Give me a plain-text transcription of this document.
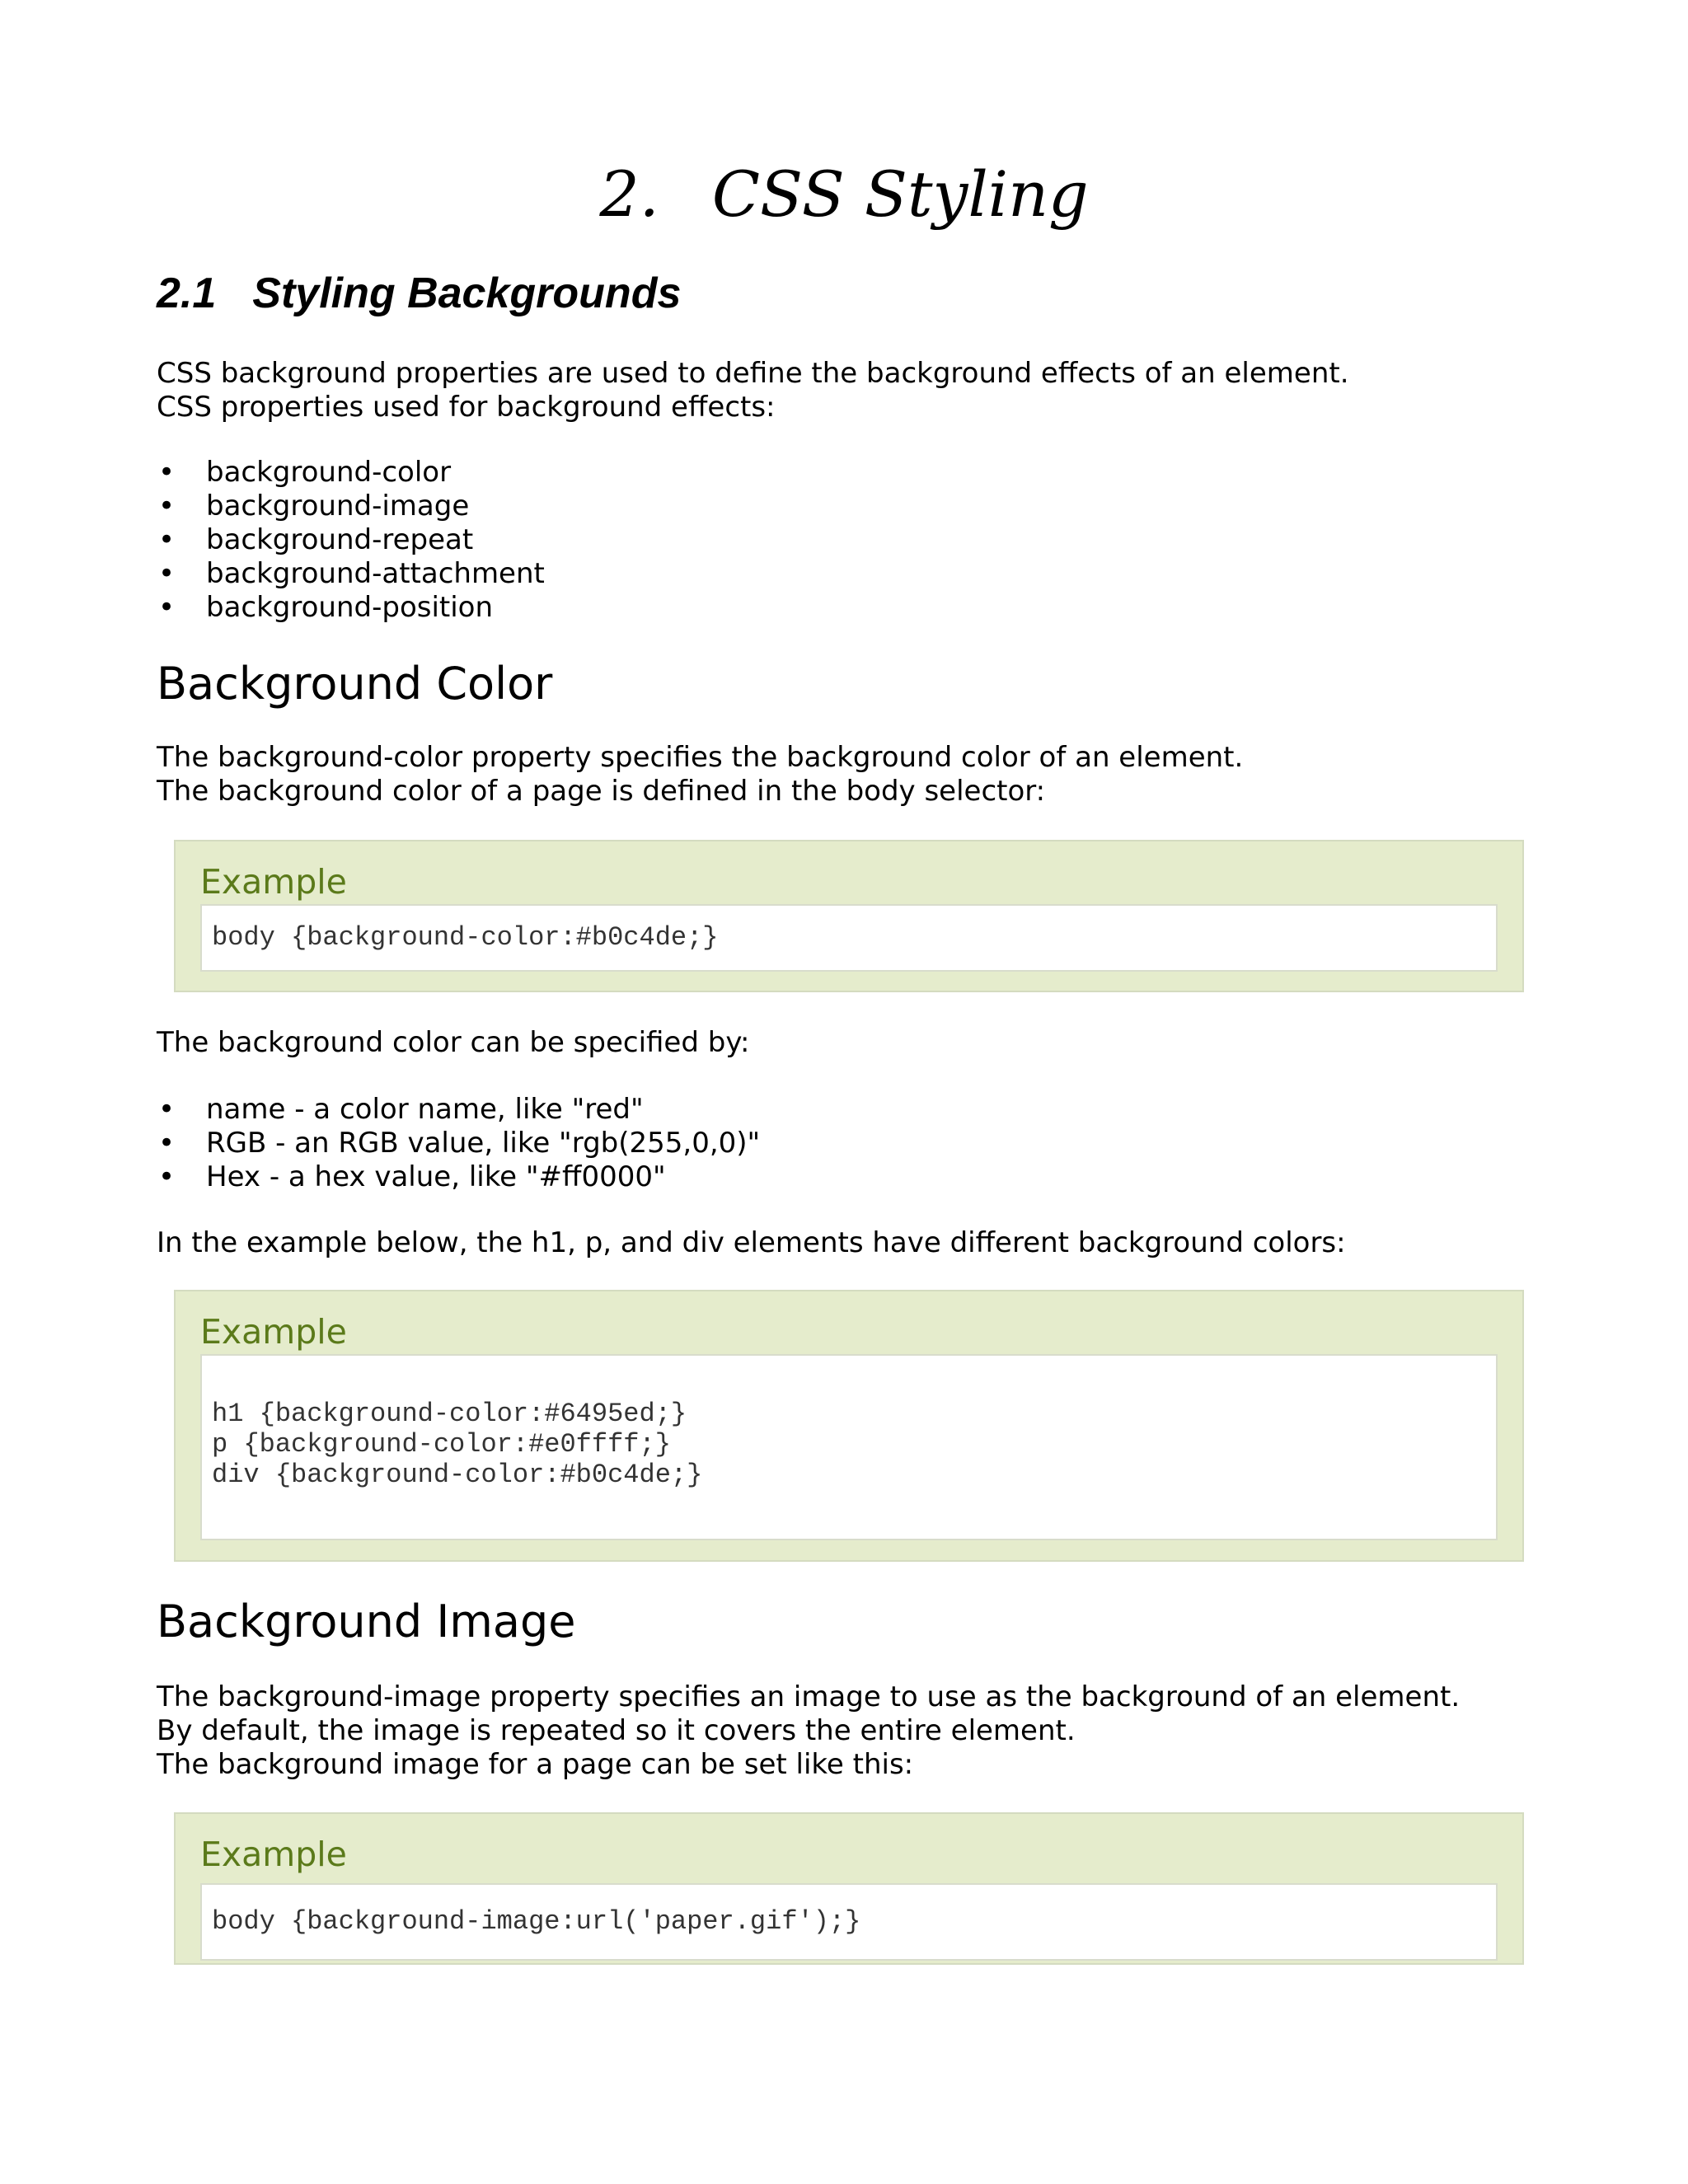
2. CSS Styling
2.1 Styling Backgrounds

CSS background properties are used to define the background effects of an element.
CSS properties used for background effects:

• background-color
• background-image
• background-repeat
• background-attachment
• background-position
Background Color

The background-color property specifies the background color of an element.
The background color of a page is defined in the body selector:

Example
body {background-color:#b0c4de;}

The background color can be specified by:

• name - a color name, like "red"
• RGB - an RGB value, like "rgb(255,0,0)"
• Hex - a hex value, like "#ff0000"

In the example below, the h1, p, and div elements have different background colors:

Example
h1 {background-color:#6495ed;}
p {background-color:#e0ffff;}
div {background-color:#b0c4de;}
Background Image

The background-image property specifies an image to use as the background of an element.
By default, the image is repeated so it covers the entire element.
The background image for a page can be set like this:

Example
body {background-image:url('paper.gif');}
